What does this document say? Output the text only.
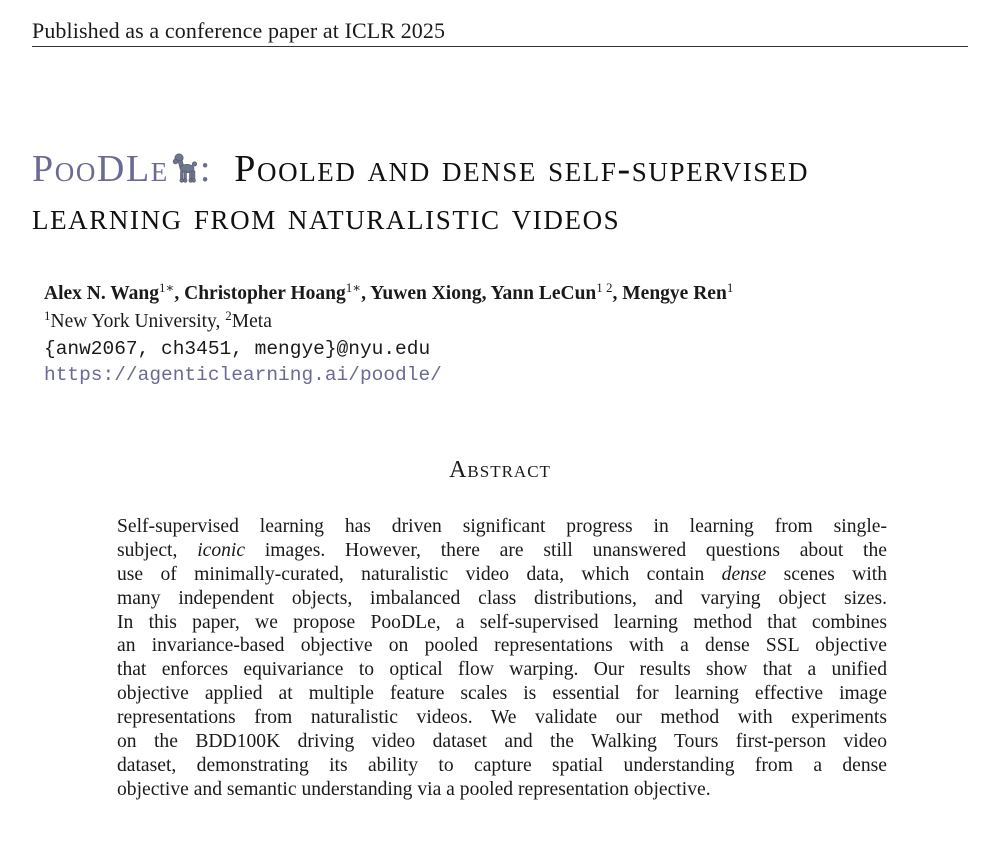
Published as a conference paper at ICLR 2025
PooDLe : Pooled and dense self-supervised
learning from naturalistic videos
Alex N. Wang$^{1∗}$, Christopher Hoang$^{1∗}$, Yuwen Xiong, Yann LeCun$^{1 2}$, Mengye Ren$^1$
$^1$New York University, $^2$Meta
{anw2067, ch3451, mengye}@nyu.edu
https://agenticlearning.ai/poodle/
Abstract
Self-supervised learning has driven significant progress in learning from single-
subject, iconic images. However, there are still unanswered questions about the
use of minimally-curated, naturalistic video data, which contain dense scenes with
many independent objects, imbalanced class distributions, and varying object sizes.
In this paper, we propose PooDLe, a self-supervised learning method that combines
an invariance-based objective on pooled representations with a dense SSL objective
that enforces equivariance to optical flow warping. Our results show that a unified
objective applied at multiple feature scales is essential for learning effective image
representations from naturalistic videos. We validate our method with experiments
on the BDD100K driving video dataset and the Walking Tours first-person video
dataset, demonstrating its ability to capture spatial understanding from a dense
objective and semantic understanding via a pooled representation objective.
